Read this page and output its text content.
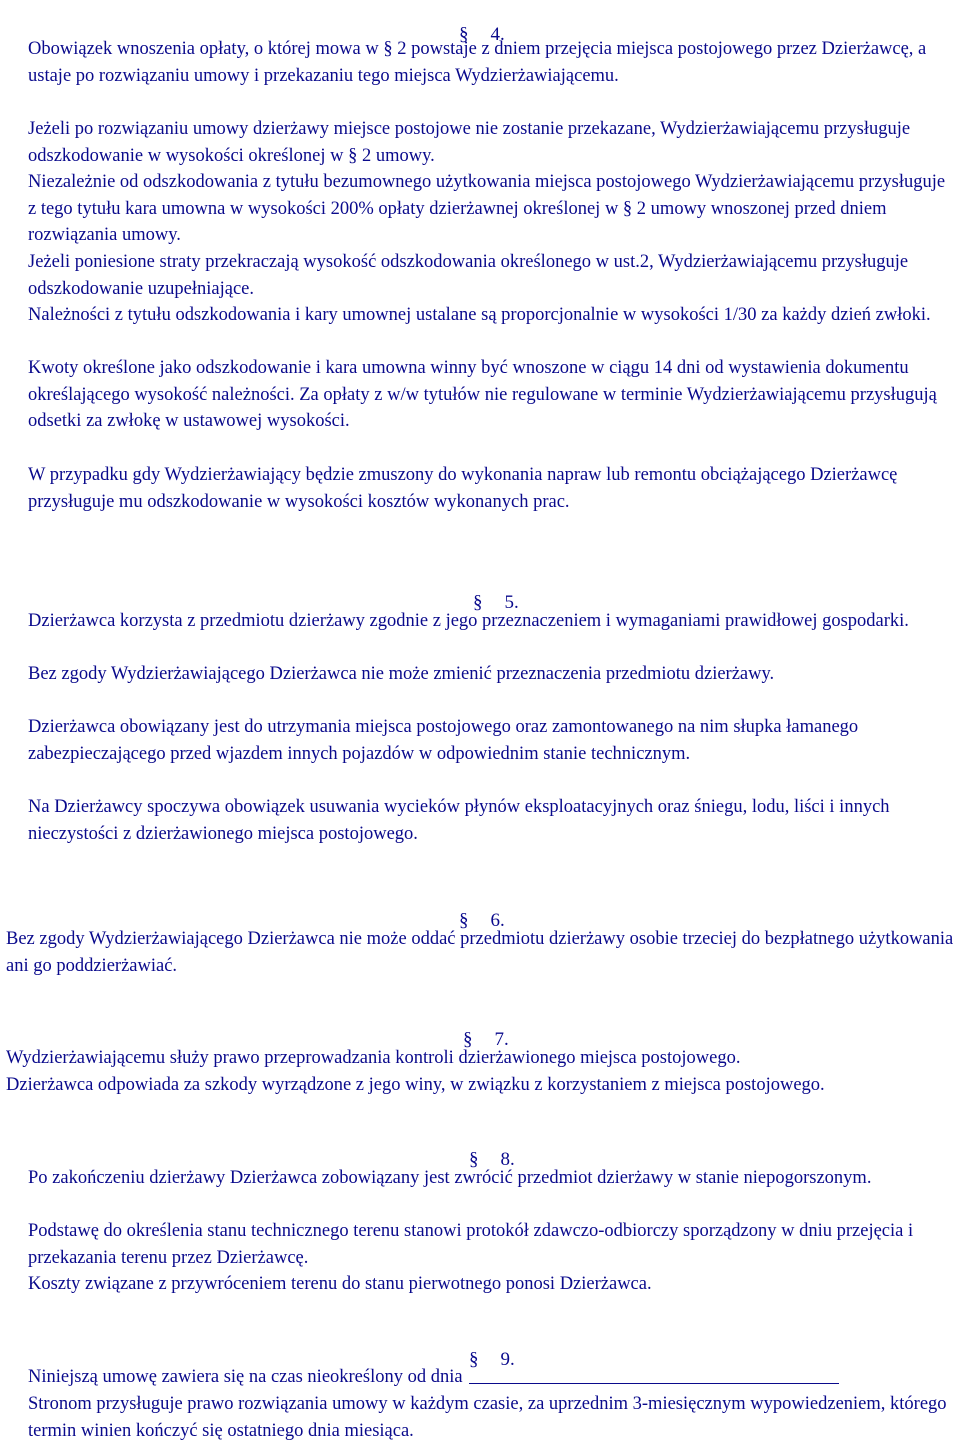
§ 4.

Obowiązek wnoszenia opłaty, o której mowa w § 2 powstaje z dniem przejęcia miejsca postojowego przez Dzierżawcę, a ustaje po rozwiązaniu umowy i przekazaniu tego miejsca Wydzierżawiającemu.

Jeżeli po rozwiązaniu umowy dzierżawy miejsce postojowe nie zostanie przekazane, Wydzierżawiającemu przysługuje odszkodowanie w wysokości określonej w § 2 umowy.

Niezależnie od odszkodowania z tytułu bezumownego użytkowania miejsca postojowego Wydzierżawiającemu przysługuje z tego tytułu kara umowna w wysokości 200% opłaty dzierżawnej określonej w § 2 umowy wnoszonej przed dniem rozwiązania umowy.

Jeżeli poniesione straty przekraczają wysokość odszkodowania określonego w ust.2, Wydzierżawiającemu przysługuje odszkodowanie uzupełniające.

Należności z tytułu odszkodowania i kary umownej ustalane są proporcjonalnie w wysokości 1/30 za każdy dzień zwłoki.

Kwoty określone jako odszkodowanie i kara umowna winny być wnoszone w ciągu 14 dni od wystawienia dokumentu określającego wysokość należności. Za opłaty z w/w tytułów nie regulowane w terminie Wydzierżawiającemu przysługują odsetki za zwłokę w ustawowej wysokości.

W przypadku gdy Wydzierżawiający będzie zmuszony do wykonania napraw lub remontu obciążającego Dzierżawcę przysługuje mu odszkodowanie w wysokości kosztów wykonanych prac.

§ 5.

Dzierżawca korzysta z przedmiotu dzierżawy zgodnie z jego przeznaczeniem i wymaganiami prawidłowej gospodarki.

Bez zgody Wydzierżawiającego Dzierżawca nie może zmienić przeznaczenia przedmiotu dzierżawy.

Dzierżawca obowiązany jest do utrzymania miejsca postojowego oraz zamontowanego na nim słupka łamanego zabezpieczającego przed wjazdem innych pojazdów w odpowiednim stanie technicznym.

Na Dzierżawcy spoczywa obowiązek usuwania wycieków płynów eksploatacyjnych oraz śniegu, lodu, liści i innych nieczystości z dzierżawionego miejsca postojowego.

§ 6.

Bez zgody Wydzierżawiającego Dzierżawca nie może oddać przedmiotu dzierżawy osobie trzeciej do bezpłatnego użytkowania ani go poddzierżawiać.

§ 7.

Wydzierżawiającemu służy prawo przeprowadzania kontroli dzierżawionego miejsca postojowego.

Dzierżawca odpowiada za szkody wyrządzone z jego winy, w związku z korzystaniem z miejsca postojowego.

§ 8.

Po zakończeniu dzierżawy Dzierżawca zobowiązany jest zwrócić przedmiot dzierżawy w stanie niepogorszonym.

Podstawę do określenia stanu technicznego terenu stanowi protokół zdawczo-odbiorczy sporządzony w dniu przejęcia i przekazania terenu przez Dzierżawcę.

Koszty związane z przywróceniem terenu do stanu pierwotnego ponosi Dzierżawca.

§ 9.

Niniejszą umowę zawiera się na czas nieokreślony od dnia

Stronom przysługuje prawo rozwiązania umowy w każdym czasie, za uprzednim 3-miesięcznym wypowiedzeniem, którego termin winien kończyć się ostatniego dnia miesiąca.
